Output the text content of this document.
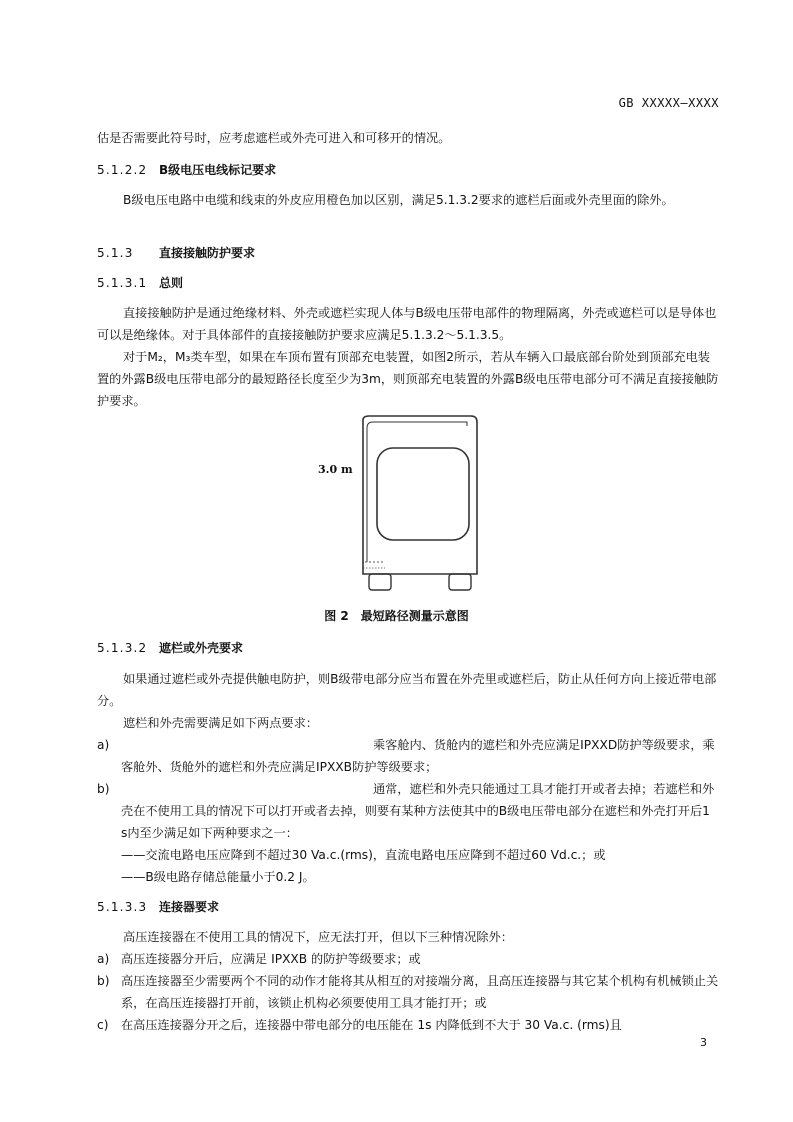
GB XXXXX—XXXX
估是否需要此符号时，应考虑遮栏或外壳可进入和可移开的情况。
5.1.2.2 B级电压电线标记要求
B级电压电路中电缆和线束的外皮应用橙色加以区别，满足5.1.3.2要求的遮栏后面或外壳里面的除外。
5.1.3 直接接触防护要求
5.1.3.1 总则
直接接触防护是通过绝缘材料、外壳或遮栏实现人体与B级电压带电部件的物理隔离，外壳或遮栏可以是导体也可以是绝缘体。对于具体部件的直接接触防护要求应满足5.1.3.2～5.1.3.5。
对于M₂，M₃类车型，如果在车顶布置有顶部充电装置，如图2所示，若从车辆入口最底部台阶处到顶部充电装置的外露B级电压带电部分的最短路径长度至少为3m，则顶部充电装置的外露B级电压带电部分可不满足直接接触防护要求。
3.0 m
图 2　最短路径测量示意图
5.1.3.2 遮栏或外壳要求
如果通过遮栏或外壳提供触电防护，则B级带电部分应当布置在外壳里或遮栏后，防止从任何方向上接近带电部分。
遮栏和外壳需要满足如下两点要求：
a)	乘客舱内、货舱内的遮栏和外壳应满足IPXXD防护等级要求，乘客舱外、货舱外的遮栏和外壳应满足IPXXB防护等级要求；
b)	通常，遮栏和外壳只能通过工具才能打开或者去掉；若遮栏和外壳在不使用工具的情况下可以打开或者去掉，则要有某种方法使其中的B级电压带电部分在遮栏和外壳打开后1 s内至少满足如下两种要求之一：
——交流电路电压应降到不超过30 Va.c.(rms)，直流电路电压应降到不超过60 Vd.c.；或
——B级电路存储总能量小于0.2 J。
5.1.3.3 连接器要求
高压连接器在不使用工具的情况下，应无法打开，但以下三种情况除外：
a) 高压连接器分开后，应满足 IPXXB 的防护等级要求；或
b) 高压连接器至少需要两个不同的动作才能将其从相互的对接端分离，且高压连接器与其它某个机构有机械锁止关系，在高压连接器打开前，该锁止机构必须要使用工具才能打开；或
c) 在高压连接器分开之后，连接器中带电部分的电压能在 1s 内降低到不大于 30 Va.c. (rms)且
3
